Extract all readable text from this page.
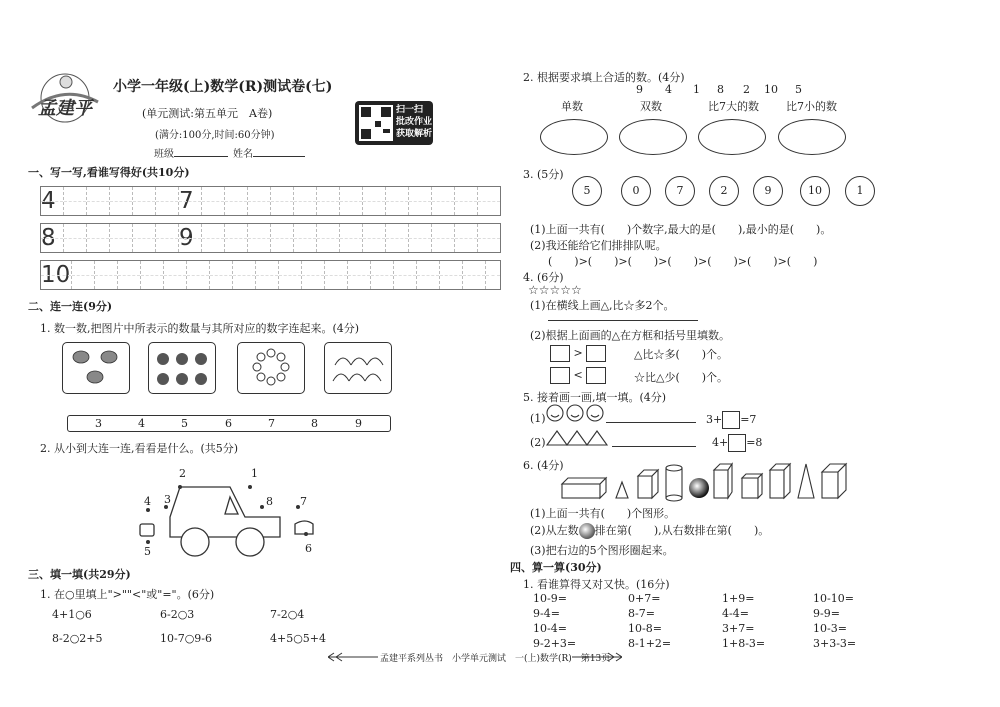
孟建平
小学一年级(上)数学(R)测试卷(七)
(单元测试:第五单元　A卷)
(满分:100分,时间:60分钟)
班级	姓名
扫一扫
批改作业
获取解析
一、写一写,看谁写得好(共10分)
4	7
8	9
10
二、连一连(9分)
1. 数一数,把图片中所表示的数量与其所对应的数字连起来。(4分)
3	4	5	6	7	8	9
2. 从小到大连一连,看看是什么。(共5分)
1
2
3
4
5	6
7
8
三、填一填(共29分)
1. 在○里填上">""<"或"="。(6分)
4+1○6	6-2○3	7-2○4
8-2○2+5	10-7○9-6	4+5○5+4
2. 根据要求填上合适的数。(4分)
9 4 1 8 2 10 5
单数	双数	比7大的数 比7小的数
3. (5分)
5	0	7	2	9	10	1
(1)上面一共有(　　)个数字,最大的是(　　),最小的是(　　)。
(2)我还能给它们排排队呢。
(　　)>(　　)>(　　)>(　　)>(　　)>(　　)>(　　)
4. (6分)
☆☆☆☆☆
(1)在横线上画△,比☆多2个。
(2)根据上面画的△在方框和括号里填数。
>	△比☆多(　　)个。
<	☆比△少(　　)个。
5. 接着画一画,填一填。(4分)
(1)	3+ =7
(2)	4+ =8
6. (4分)
(1)上面一共有(　　)个图形。
(2)从左数 排在第(　　),从右数排在第(　　)。
(3)把右边的5个图形圈起来。
四、算一算(30分)
1. 看谁算得又对又快。(16分)
10-9=	0+7=	1+9=	10-10=
9-4=	8-7=	4-4=	9-9=
10-4=	10-8=	3+7=	10-3=
9-2+3=	8-1+2=	1+8-3=	3+3-3=
孟建平系列丛书　小学单元测试　一(上)数学(R)　第13页
